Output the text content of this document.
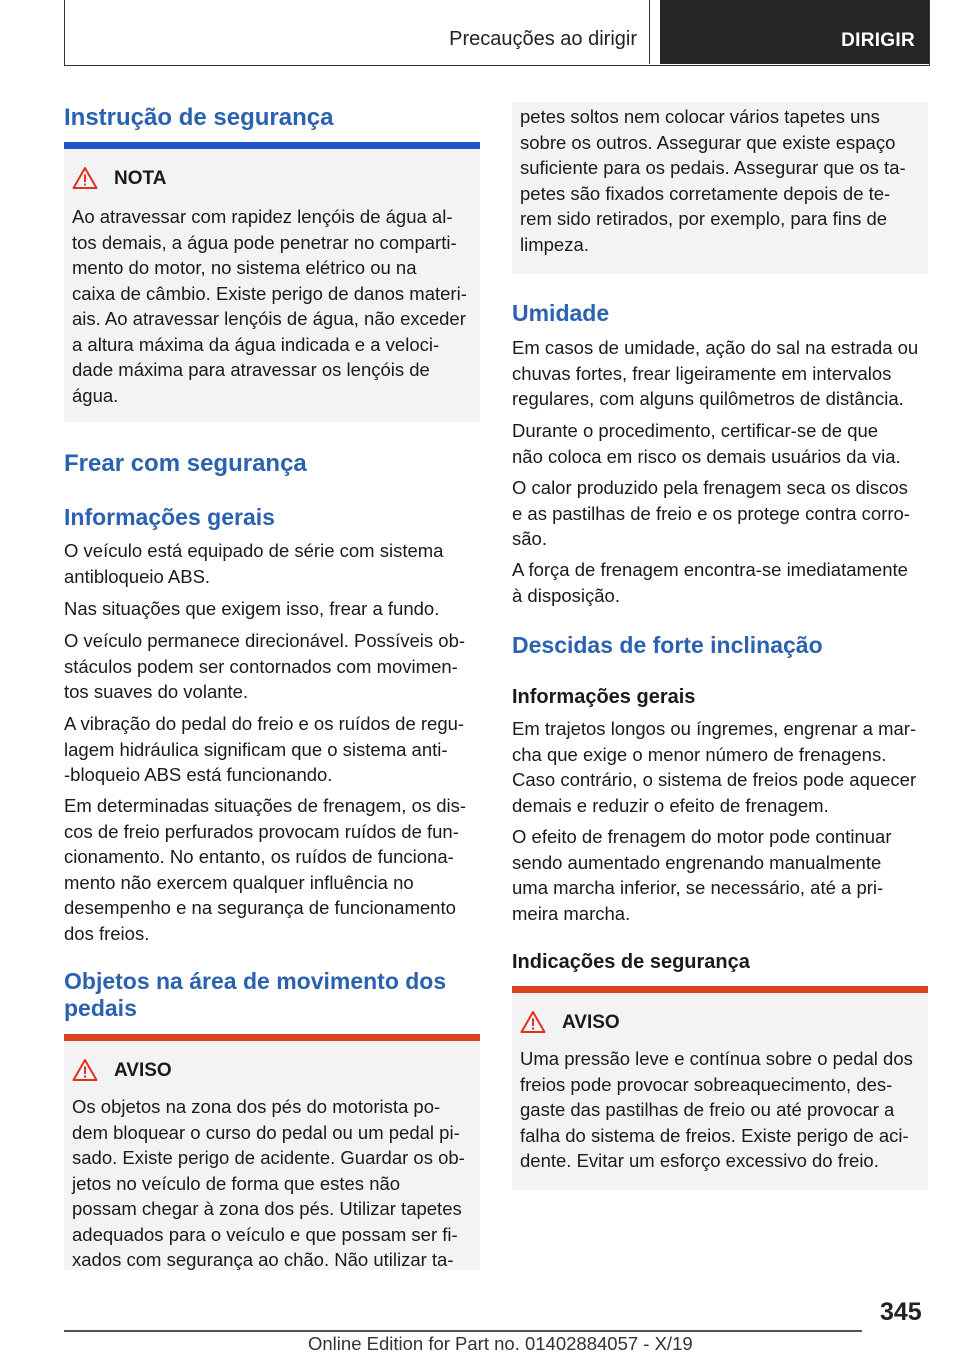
Precauções ao dirigir	DIRIGIR
Instrução de segurança
NOTA
Ao atravessar com rapidez lençóis de água al-
tos demais, a água pode penetrar no comparti-
mento do motor, no sistema elétrico ou na
caixa de câmbio. Existe perigo de danos materi-
ais. Ao atravessar lençóis de água, não exceder
a altura máxima da água indicada e a veloci-
dade máxima para atravessar os lençóis de
água.
Frear com segurança
Informações gerais
O veículo está equipado de série com sistema
antibloqueio ABS.
Nas situações que exigem isso, frear a fundo.
O veículo permanece direcionável. Possíveis ob-
stáculos podem ser contornados com movimen-
tos suaves do volante.
A vibração do pedal do freio e os ruídos de regu-
lagem hidráulica significam que o sistema anti-
-bloqueio ABS está funcionando.
Em determinadas situações de frenagem, os dis-
cos de freio perfurados provocam ruídos de fun-
cionamento. No entanto, os ruídos de funciona-
mento não exercem qualquer influência no
desempenho e na segurança de funcionamento
dos freios.
Objetos na área de movimento dos
pedais
AVISO
Os objetos na zona dos pés do motorista po-
dem bloquear o curso do pedal ou um pedal pi-
sado. Existe perigo de acidente. Guardar os ob-
jetos no veículo de forma que estes não
possam chegar à zona dos pés. Utilizar tapetes
adequados para o veículo e que possam ser fi-
xados com segurança ao chão. Não utilizar ta-
petes soltos nem colocar vários tapetes uns
sobre os outros. Assegurar que existe espaço
suficiente para os pedais. Assegurar que os ta-
petes são fixados corretamente depois de te-
rem sido retirados, por exemplo, para fins de
limpeza.
Umidade
Em casos de umidade, ação do sal na estrada ou
chuvas fortes, frear ligeiramente em intervalos
regulares, com alguns quilômetros de distância.
Durante o procedimento, certificar-se de que
não coloca em risco os demais usuários da via.
O calor produzido pela frenagem seca os discos
e as pastilhas de freio e os protege contra corro-
são.
A força de frenagem encontra-se imediatamente
à disposição.
Descidas de forte inclinação
Informações gerais
Em trajetos longos ou íngremes, engrenar a mar-
cha que exige o menor número de frenagens.
Caso contrário, o sistema de freios pode aquecer
demais e reduzir o efeito de frenagem.
O efeito de frenagem do motor pode continuar
sendo aumentado engrenando manualmente
uma marcha inferior, se necessário, até a pri-
meira marcha.
Indicações de segurança
AVISO
Uma pressão leve e contínua sobre o pedal dos
freios pode provocar sobreaquecimento, des-
gaste das pastilhas de freio ou até provocar a
falha do sistema de freios. Existe perigo de aci-
dente. Evitar um esforço excessivo do freio.
345
Online Edition for Part no. 01402884057 - X/19
